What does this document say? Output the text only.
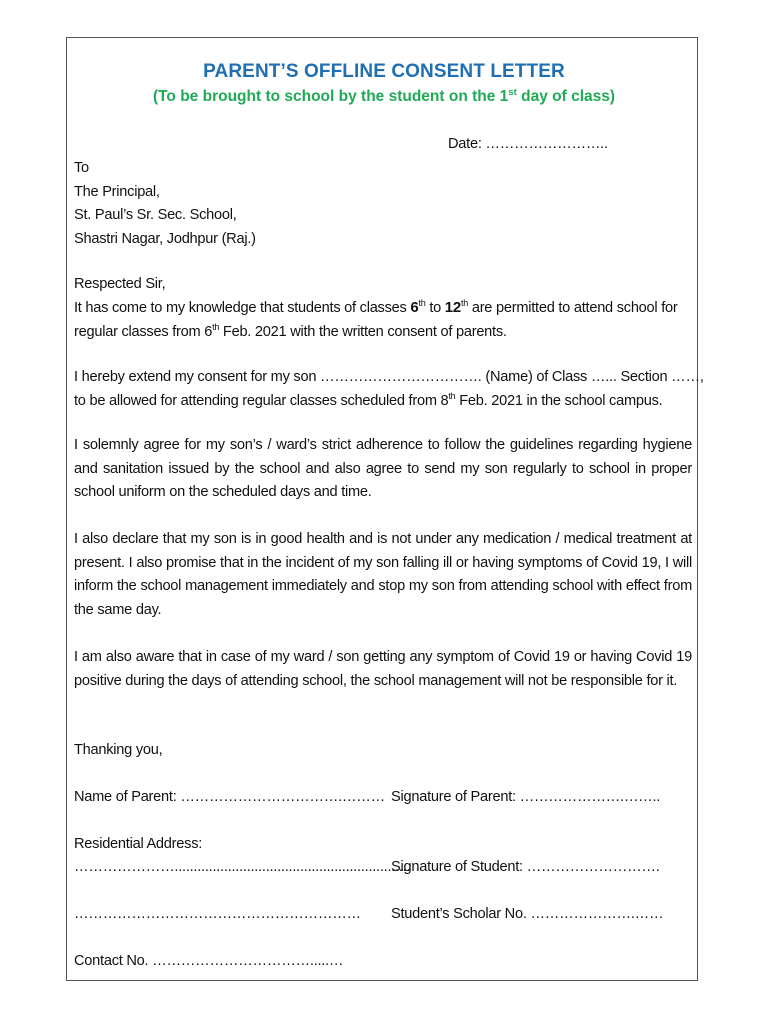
PARENT’S OFFLINE CONSENT LETTER
(To be brought to school by the student on the 1st day of class)
Date: ……………………..
To
The Principal,
St. Paul’s Sr. Sec. School,
Shastri Nagar, Jodhpur (Raj.)
Respected Sir,
It has come to my knowledge that students of classes 6th to 12th are permitted to attend school for
regular classes from 6th Feb. 2021 with the written consent of parents.
I hereby extend my consent for my son ……………………………. (Name) of Class …... Section ……,
to be allowed for attending regular classes scheduled from 8th Feb. 2021 in the school campus.
I solemnly agree for my son’s / ward’s strict adherence to follow the guidelines regarding hygiene and sanitation issued by the school and also agree to send my son regularly to school in proper school uniform on the scheduled days and time.
I also declare that my son is in good health and is not under any medication / medical treatment at present. I also promise that in the incident of my son falling ill or having symptoms of Covid 19, I will inform the school management immediately and stop my son from attending school with effect from the same day.
I am also aware that in case of my ward / son getting any symptom of Covid 19 or having Covid 19 positive during the days of attending school, the school management will not be responsible for it.
Thanking you,
Name of Parent: …………………………….……… Signature of Parent: ………………….……..
Residential Address:
…………………..............................................................
Signature of Student: ……………………….
…………………………………………………… Student’s Scholar No. ………………….……
Contact No. …………………………….....…
